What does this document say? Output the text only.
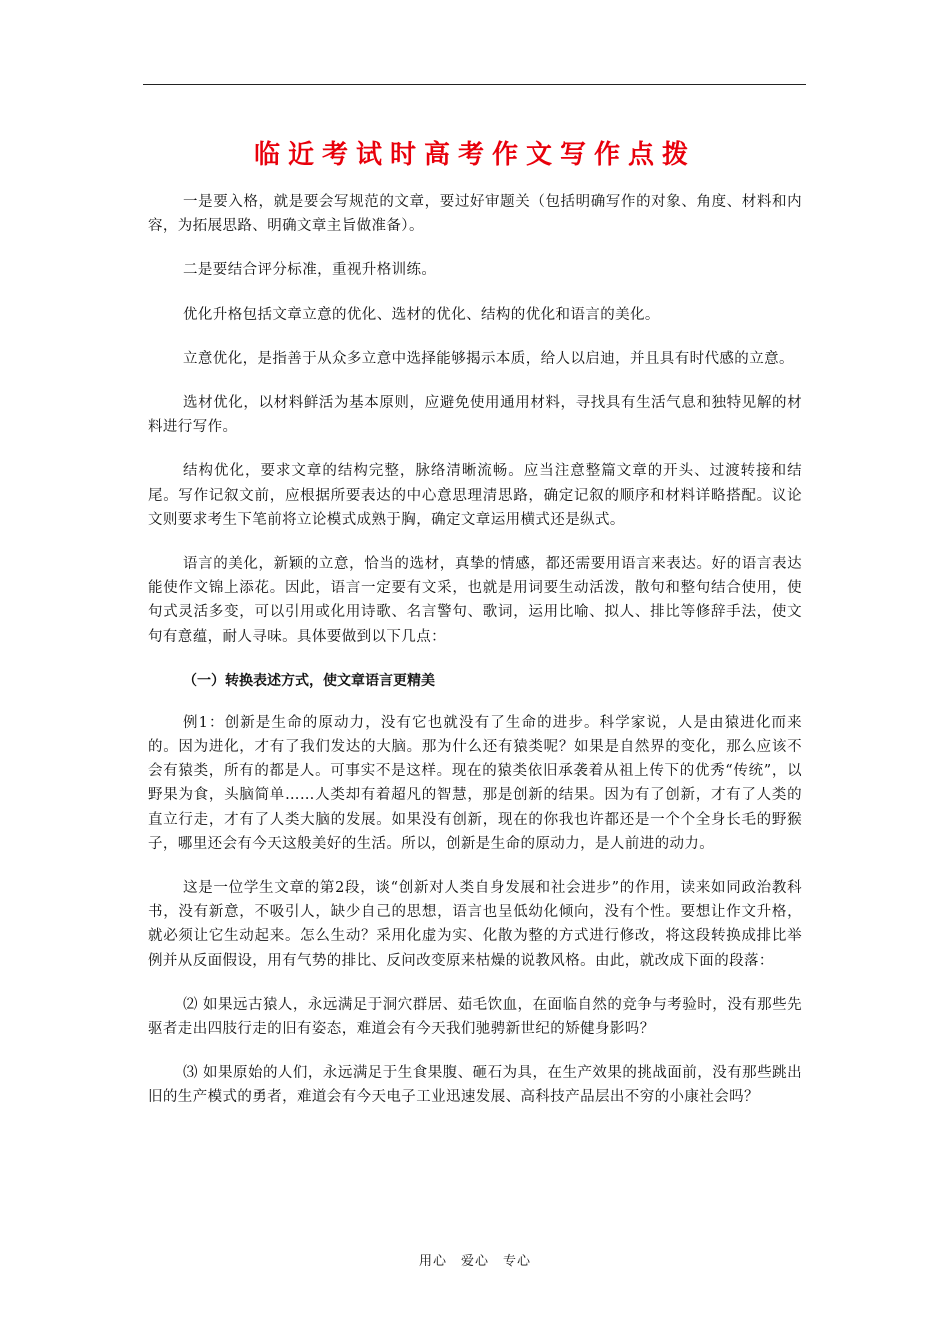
临近考试时高考作文写作点拨

一是要入格，就是要会写规范的文章，要过好审题关（包括明确写作的对象、角度、材料和内容，为拓展思路、明确文章主旨做准备）。

二是要结合评分标准，重视升格训练。

优化升格包括文章立意的优化、选材的优化、结构的优化和语言的美化。

立意优化，是指善于从众多立意中选择能够揭示本质，给人以启迪，并且具有时代感的立意。

选材优化，以材料鲜活为基本原则，应避免使用通用材料，寻找具有生活气息和独特见解的材料进行写作。

结构优化，要求文章的结构完整，脉络清晰流畅。应当注意整篇文章的开头、过渡转接和结尾。写作记叙文前，应根据所要表达的中心意思理清思路，确定记叙的顺序和材料详略搭配。议论文则要求考生下笔前将立论模式成熟于胸，确定文章运用横式还是纵式。

语言的美化，新颖的立意，恰当的选材，真挚的情感，都还需要用语言来表达。好的语言表达能使作文锦上添花。因此，语言一定要有文采，也就是用词要生动活泼，散句和整句结合使用，使句式灵活多变，可以引用或化用诗歌、名言警句、歌词，运用比喻、拟人、排比等修辞手法，使文句有意蕴，耐人寻味。具体要做到以下几点：

（一）转换表述方式，使文章语言更精美

例1：创新是生命的原动力，没有它也就没有了生命的进步。科学家说，人是由猿进化而来的。因为进化，才有了我们发达的大脑。那为什么还有猿类呢？如果是自然界的变化，那么应该不会有猿类，所有的都是人。可事实不是这样。现在的猿类依旧承袭着从祖上传下的优秀“传统”，以野果为食，头脑简单……人类却有着超凡的智慧，那是创新的结果。因为有了创新，才有了人类的直立行走，才有了人类大脑的发展。如果没有创新，现在的你我也许都还是一个个全身长毛的野猴子，哪里还会有今天这般美好的生活。所以，创新是生命的原动力，是人前进的动力。

这是一位学生文章的第2段，谈“创新对人类自身发展和社会进步”的作用，读来如同政治教科书，没有新意，不吸引人，缺少自己的思想，语言也呈低幼化倾向，没有个性。要想让作文升格，就必须让它生动起来。怎么生动？采用化虚为实、化散为整的方式进行修改，将这段转换成排比举例并从反面假设，用有气势的排比、反问改变原来枯燥的说教风格。由此，就改成下面的段落：

⑵ 如果远古猿人，永远满足于洞穴群居、茹毛饮血，在面临自然的竞争与考验时，没有那些先驱者走出四肢行走的旧有姿态，难道会有今天我们驰骋新世纪的矫健身影吗？

⑶ 如果原始的人们，永远满足于生食果腹、砸石为具，在生产效果的挑战面前，没有那些跳出旧的生产模式的勇者，难道会有今天电子工业迅速发展、高科技产品层出不穷的小康社会吗？

用心　爱心　专心
